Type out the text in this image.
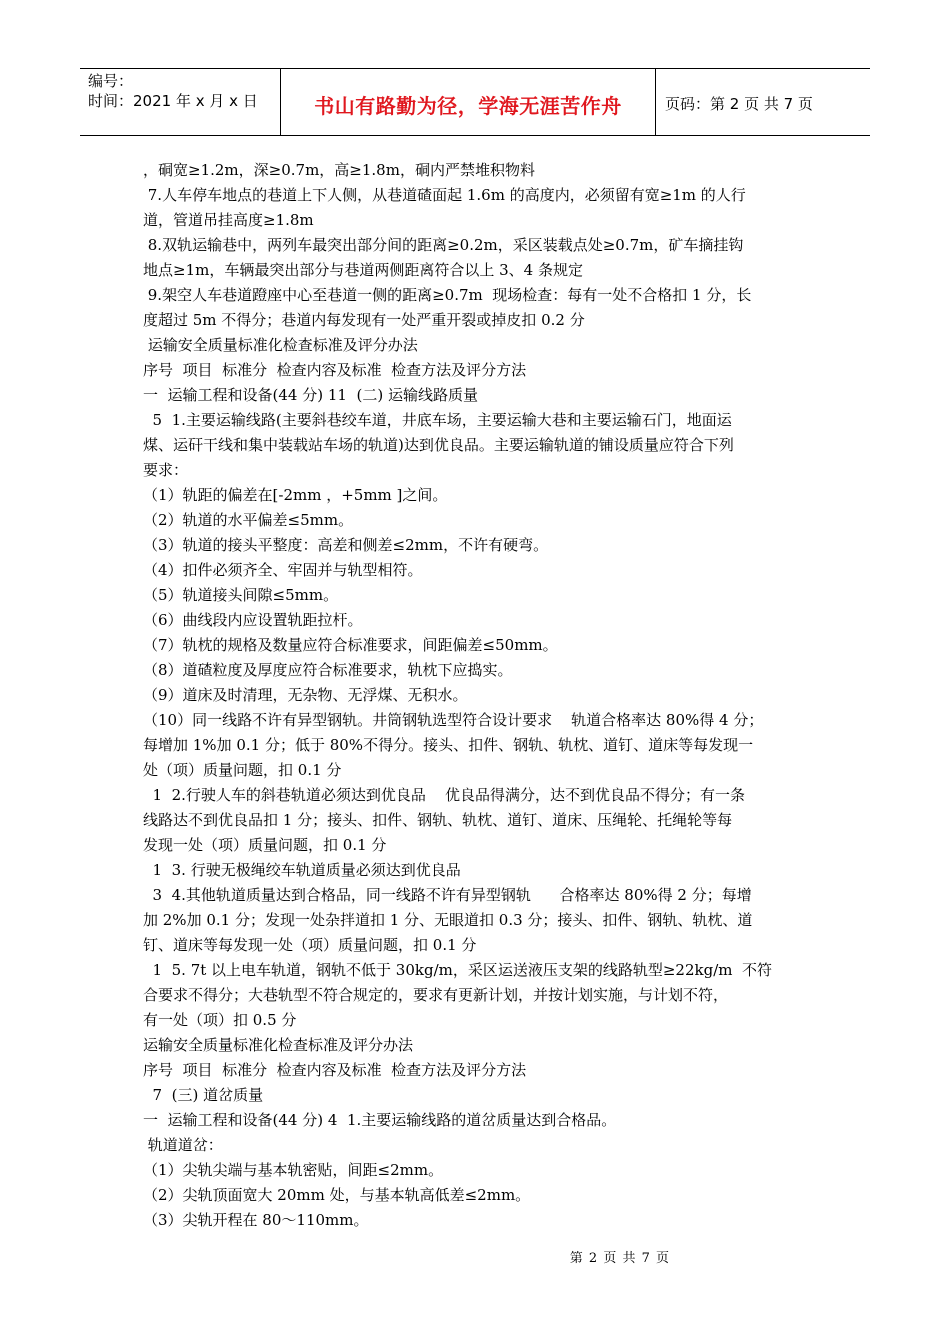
编号：
时间：2021 年 x 月 x 日	书山有路勤为径，学海无涯苦作舟	页码：第 2 页 共 7 页
，硐宽≥1.2m，深≥0.7m，高≥1.8m，硐内严禁堆积物料
7.人车停车地点的巷道上下人侧，从巷道碴面起 1.6m 的高度内，必须留有宽≥1m 的人行
道，管道吊挂高度≥1.8m
8.双轨运输巷中，两列车最突出部分间的距离≥0.2m，采区装载点处≥0.7m，矿车摘挂钩
地点≥1m，车辆最突出部分与巷道两侧距离符合以上 3、4 条规定
9.架空人车巷道蹬座中心至巷道一侧的距离≥0.7m  现场检查：每有一处不合格扣 1 分，长
度超过 5m 不得分；巷道内每发现有一处严重开裂或掉皮扣 0.2 分
运输安全质量标准化检查标准及评分办法
序号  项目  标准分  检查内容及标准  检查方法及评分方法
一  运输工程和设备(44 分) 11  (二) 运输线路质量
5  1.主要运输线路(主要斜巷绞车道，井底车场，主要运输大巷和主要运输石门，地面运
煤、运矸干线和集中装载站车场的轨道)达到优良品。主要运输轨道的铺设质量应符合下列
要求：
（1）轨距的偏差在[-2mm ，+5mm ]之间。
（2）轨道的水平偏差≤5mm。
（3）轨道的接头平整度：高差和侧差≤2mm，不许有硬弯。
（4）扣件必须齐全、牢固并与轨型相符。
（5）轨道接头间隙≤5mm。
（6）曲线段内应设置轨距拉杆。
（7）轨枕的规格及数量应符合标准要求，间距偏差≤50mm。
（8）道碴粒度及厚度应符合标准要求，轨枕下应捣实。
（9）道床及时清理，无杂物、无浮煤、无积水。
（10）同一线路不许有异型钢轨。井筒钢轨选型符合设计要求    轨道合格率达 80%得 4 分；
每增加 1%加 0.1 分；低于 80%不得分。接头、扣件、钢轨、轨枕、道钉、道床等每发现一
处（项）质量问题，扣 0.1 分
1  2.行驶人车的斜巷轨道必须达到优良品    优良品得满分，达不到优良品不得分；有一条
线路达不到优良品扣 1 分；接头、扣件、钢轨、轨枕、道钉、道床、压绳轮、托绳轮等每
发现一处（项）质量问题，扣 0.1 分
1  3. 行驶无极绳绞车轨道质量必须达到优良品
3  4.其他轨道质量达到合格品，同一线路不许有异型钢轨      合格率达 80%得 2 分；每增
加 2%加 0.1 分；发现一处杂拌道扣 1 分、无眼道扣 0.3 分；接头、扣件、钢轨、轨枕、道
钉、道床等每发现一处（项）质量问题，扣 0.1 分
1  5. 7t 以上电车轨道，钢轨不低于 30kg/m，采区运送液压支架的线路轨型≥22kg/m  不符
合要求不得分；大巷轨型不符合规定的，要求有更新计划，并按计划实施，与计划不符，
有一处（项）扣 0.5 分
运输安全质量标准化检查标准及评分办法
序号  项目  标准分  检查内容及标准  检查方法及评分方法
7  (三) 道岔质量
一  运输工程和设备(44 分) 4  1.主要运输线路的道岔质量达到合格品。
轨道道岔：
（1）尖轨尖端与基本轨密贴，间距≤2mm。
（2）尖轨顶面宽大 20mm 处，与基本轨高低差≤2mm。
（3）尖轨开程在 80～110mm。
第 2 页 共 7 页
